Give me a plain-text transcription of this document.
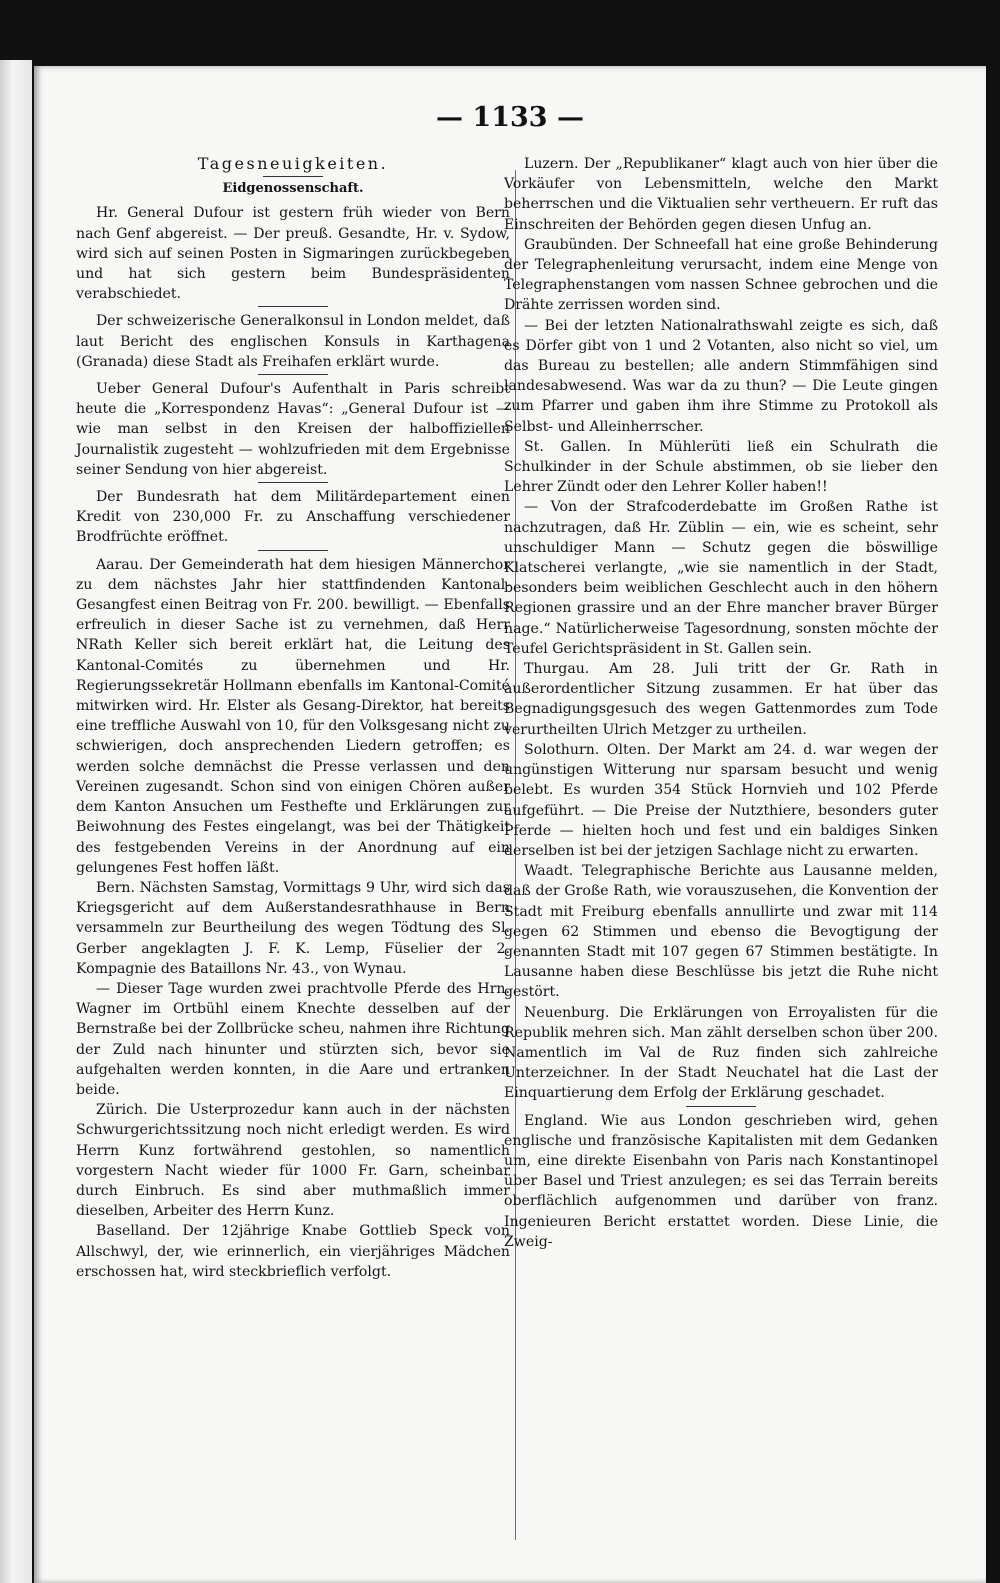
— 1133 —

Tagesneuigkeiten.

Eidgenossenschaft.

Hr. General Dufour ist gestern früh wieder von Bern nach Genf abgereist. — Der preuß. Gesandte, Hr. v. Sydow, wird sich auf seinen Posten in Sigmaringen zurückbegeben und hat sich gestern beim Bundespräsidenten verabschiedet.

Der schweizerische Generalkonsul in London meldet, daß laut Bericht des englischen Konsuls in Karthagena (Granada) diese Stadt als Freihafen erklärt wurde.

Ueber General Dufour's Aufenthalt in Paris schreibt heute die „Korrespondenz Havas“: „General Dufour ist — wie man selbst in den Kreisen der halboffiziellen Journalistik zugesteht — wohlzufrieden mit dem Ergebnisse seiner Sendung von hier abgereist.

Der Bundesrath hat dem Militärdepartement einen Kredit von 230,000 Fr. zu Anschaffung verschiedener Brodfrüchte eröffnet.

Aarau. Der Gemeinderath hat dem hiesigen Männerchor zu dem nächstes Jahr hier stattfindenden Kantonal-Gesangfest einen Beitrag von Fr. 200. bewilligt. — Ebenfalls erfreulich in dieser Sache ist zu vernehmen, daß Herr NRath Keller sich bereit erklärt hat, die Leitung des Kantonal-Comités zu übernehmen und Hr. Regierungssekretär Hollmann ebenfalls im Kantonal-Comité mitwirken wird. Hr. Elster als Gesang-Direktor, hat bereits eine treffliche Auswahl von 10, für den Volksgesang nicht zu schwierigen, doch ansprechenden Liedern getroffen; es werden solche demnächst die Presse verlassen und den Vereinen zugesandt. Schon sind von einigen Chören außer dem Kanton Ansuchen um Festhefte und Erklärungen zur Beiwohnung des Festes eingelangt, was bei der Thätigkeit des festgebenden Vereins in der Anordnung auf ein gelungenes Fest hoffen läßt.

Bern. Nächsten Samstag, Vormittags 9 Uhr, wird sich das Kriegsgericht auf dem Außerstandesrathhause in Bern versammeln zur Beurtheilung des wegen Tödtung des Sl. Gerber angeklagten J. F. K. Lemp, Füselier der 2. Kompagnie des Bataillons Nr. 43., von Wynau.

— Dieser Tage wurden zwei prachtvolle Pferde des Hrn. Wagner im Ortbühl einem Knechte desselben auf der Bernstraße bei der Zollbrücke scheu, nahmen ihre Richtung der Zuld nach hinunter und stürzten sich, bevor sie aufgehalten werden konnten, in die Aare und ertranken beide.

Zürich. Die Usterprozedur kann auch in der nächsten Schwurgerichtssitzung noch nicht erledigt werden. Es wird Herrn Kunz fortwährend gestohlen, so namentlich vorgestern Nacht wieder für 1000 Fr. Garn, scheinbar durch Einbruch. Es sind aber muthmaßlich immer dieselben, Arbeiter des Herrn Kunz.

Baselland. Der 12jährige Knabe Gottlieb Speck von Allschwyl, der, wie erinnerlich, ein vierjähriges Mädchen erschossen hat, wird steckbrieflich verfolgt.

Luzern. Der „Republikaner“ klagt auch von hier über die Vorkäufer von Lebensmitteln, welche den Markt beherrschen und die Viktualien sehr vertheuern. Er ruft das Einschreiten der Behörden gegen diesen Unfug an.

Graubünden. Der Schneefall hat eine große Behinderung der Telegraphenleitung verursacht, indem eine Menge von Telegraphenstangen vom nassen Schnee gebrochen und die Drähte zerrissen worden sind.

— Bei der letzten Nationalrathswahl zeigte es sich, daß es Dörfer gibt von 1 und 2 Votanten, also nicht so viel, um das Bureau zu bestellen; alle andern Stimmfähigen sind landesabwesend. Was war da zu thun? — Die Leute gingen zum Pfarrer und gaben ihm ihre Stimme zu Protokoll als Selbst- und Alleinherrscher.

St. Gallen. In Mühlerüti ließ ein Schulrath die Schulkinder in der Schule abstimmen, ob sie lieber den Lehrer Zündt oder den Lehrer Koller haben!!

— Von der Strafcoderdebatte im Großen Rathe ist nachzutragen, daß Hr. Züblin — ein, wie es scheint, sehr unschuldiger Mann — Schutz gegen die böswillige Klatscherei verlangte, „wie sie namentlich in der Stadt, besonders beim weiblichen Geschlecht auch in den höhern Regionen grassire und an der Ehre mancher braver Bürger nage.“ Natürlicherweise Tagesordnung, sonsten möchte der Teufel Gerichtspräsident in St. Gallen sein.

Thurgau. Am 28. Juli tritt der Gr. Rath in außerordentlicher Sitzung zusammen. Er hat über das Begnadigungsgesuch des wegen Gattenmordes zum Tode verurtheilten Ulrich Metzger zu urtheilen.

Solothurn. Olten. Der Markt am 24. d. war wegen der ungünstigen Witterung nur sparsam besucht und wenig belebt. Es wurden 354 Stück Hornvieh und 102 Pferde aufgeführt. — Die Preise der Nutzthiere, besonders guter Pferde — hielten hoch und fest und ein baldiges Sinken derselben ist bei der jetzigen Sachlage nicht zu erwarten.

Waadt. Telegraphische Berichte aus Lausanne melden, daß der Große Rath, wie vorauszusehen, die Konvention der Stadt mit Freiburg ebenfalls annullirte und zwar mit 114 gegen 62 Stimmen und ebenso die Bevogtigung der genannten Stadt mit 107 gegen 67 Stimmen bestätigte. In Lausanne haben diese Beschlüsse bis jetzt die Ruhe nicht gestört.

Neuenburg. Die Erklärungen von Erroyalisten für die Republik mehren sich. Man zählt derselben schon über 200. Namentlich im Val de Ruz finden sich zahlreiche Unterzeichner. In der Stadt Neuchatel hat die Last der Einquartierung dem Erfolg der Erklärung geschadet.

England. Wie aus London geschrieben wird, gehen englische und französische Kapitalisten mit dem Gedanken um, eine direkte Eisenbahn von Paris nach Konstantinopel über Basel und Triest anzulegen; es sei das Terrain bereits oberflächlich aufgenommen und darüber von franz. Ingenieuren Bericht erstattet worden. Diese Linie, die Zweig-
